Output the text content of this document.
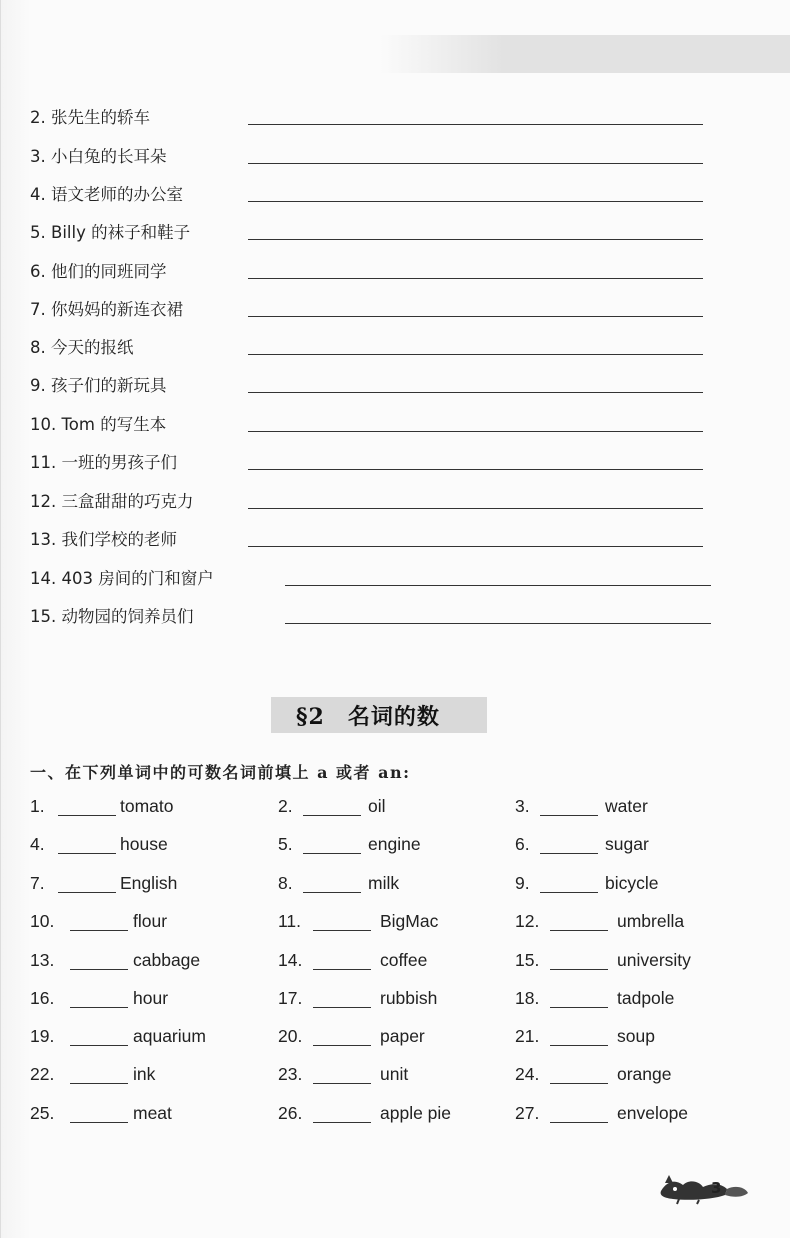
2. 张先生的轿车
3. 小白兔的长耳朵
4. 语文老师的办公室
5. Billy 的袜子和鞋子
6. 他们的同班同学
7. 你妈妈的新连衣裙
8. 今天的报纸
9. 孩子们的新玩具
10. Tom 的写生本
11. 一班的男孩子们
12. 三盒甜甜的巧克力
13. 我们学校的老师
14. 403 房间的门和窗户
15. 动物园的饲养员们
§2　名词的数
一、在下列单词中的可数名词前填上 a 或者 an:
1.	tomato	2.	oil	3.	water
4.	house	5.	engine	6.	sugar
7.	English	8.	milk	9.	bicycle
10.	flour	11.	BigMac	12.	umbrella
13.	cabbage	14.	coffee	15.	university
16.	hour	17.	rubbish	18.	tadpole
19.	aquarium	20.	paper	21.	soup
22.	ink	23.	unit	24.	orange
25.	meat	26.	apple pie	27.	envelope
3
